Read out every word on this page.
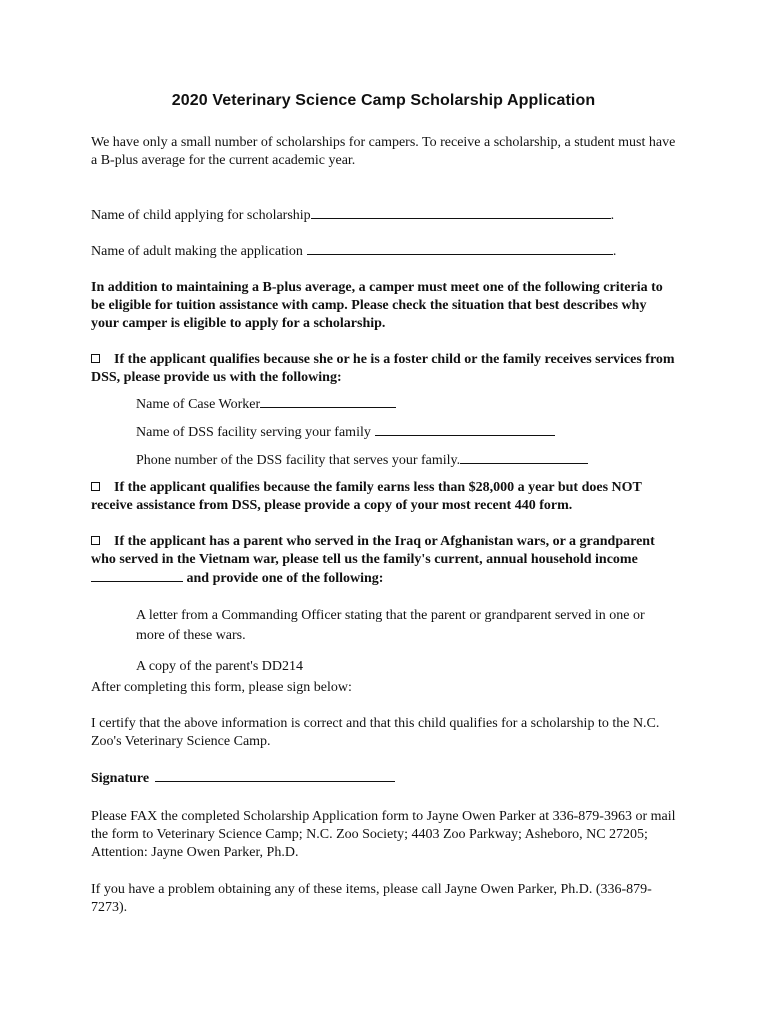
2020 Veterinary Science Camp Scholarship Application

We have only a small number of scholarships for campers. To receive a scholarship, a student must have a B-plus average for the current academic year.

Name of child applying for scholarship	.
Name of adult making the application	.

In addition to maintaining a B-plus average, a camper must meet one of the following criteria to be eligible for tuition assistance with camp. Please check the situation that best describes why your camper is eligible to apply for a scholarship.

If the applicant qualifies because she or he is a foster child or the family receives services from DSS, please provide us with the following:

Name of Case Worker
Name of DSS facility serving your family
Phone number of the DSS facility that serves your family.

If the applicant qualifies because the family earns less than $28,000 a year but does NOT receive assistance from DSS, please provide a copy of your most recent 440 form.

If the applicant has a parent who served in the Iraq or Afghanistan wars, or a grandparent who served in the Vietnam war, please tell us the family's current, annual household income  and provide one of the following:

A letter from a Commanding Officer stating that the parent or grandparent served in one or more of these wars.
A copy of the parent's DD214

After completing this form, please sign below:

I certify that the above information is correct and that this child qualifies for a scholarship to the N.C. Zoo's Veterinary Science Camp.

Signature

Please FAX the completed Scholarship Application form to Jayne Owen Parker at 336-879-3963 or mail the form to Veterinary Science Camp; N.C. Zoo Society; 4403 Zoo Parkway; Asheboro, NC 27205; Attention: Jayne Owen Parker, Ph.D.

If you have a problem obtaining any of these items, please call Jayne Owen Parker, Ph.D. (336-879-7273).
